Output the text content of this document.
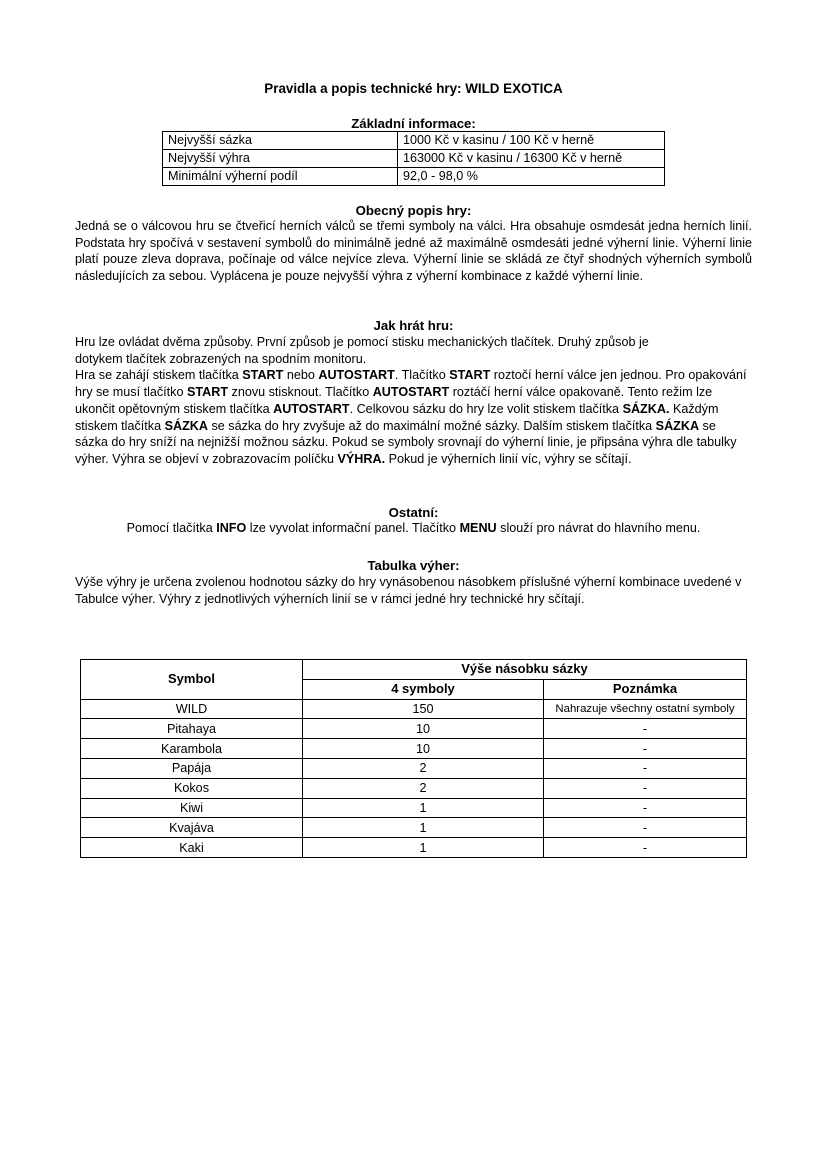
Pravidla a popis technické hry: WILD EXOTICA
Základní informace:
Nejvyšší sázka	1000 Kč v kasinu / 100 Kč v herně
Nejvyšší výhra	163000 Kč v kasinu / 16300 Kč v herně
Minimální výherní podíl	92,0 - 98,0 %
Obecný popis hry:

Jedná se o válcovou hru se čtveřicí herních válců se třemi symboly na válci. Hra obsahuje osmdesát jedna herních linií. Podstata hry spočívá v sestavení symbolů do minimálně jedné až maximálně osmdesáti jedné výherní linie. Výherní linie platí pouze zleva doprava, počínaje od válce nejvíce zleva. Výherní linie se skládá ze čtyř shodných výherních symbolů následujících za sebou. Vyplácena je pouze nejvyšší výhra z výherní kombinace z každé výherní linie.

Jak hrát hru:

Hru lze ovládat dvěma způsoby. První způsob je pomocí stisku mechanických tlačítek. Druhý způsob je

dotykem tlačítek zobrazených na spodním monitoru.

Hra se zahájí stiskem tlačítka START nebo AUTOSTART. Tlačítko START roztočí herní válce jen jednou. Pro opakování hry se musí tlačítko START znovu stisknout. Tlačítko AUTOSTART roztáčí herní válce opakovaně. Tento režim lze ukončit opětovným stiskem tlačítka AUTOSTART. Celkovou sázku do hry lze volit stiskem tlačítka SÁZKA. Každým stiskem tlačítka SÁZKA se sázka do hry zvyšuje až do maximální možné sázky. Dalším stiskem tlačítka SÁZKA se sázka do hry sníží na nejnižší možnou sázku. Pokud se symboly srovnají do výherní linie, je připsána výhra dle tabulky výher. Výhra se objeví v zobrazovacím políčku VÝHRA. Pokud je výherních linií víc, výhry se sčítají.

Ostatní:
Pomocí tlačítka INFO lze vyvolat informační panel. Tlačítko MENU slouží pro návrat do hlavního menu.
Tabulka výher:

Výše výhry je určena zvolenou hodnotou sázky do hry vynásobenou násobkem příslušné výherní kombinace uvedené v Tabulce výher. Výhry z jednotlivých výherních linií se v rámci jedné hry technické hry sčítají.

Symbol	Výše násobku sázky	
	4 symboly	Poznámka
WILD	150	Nahrazuje všechny ostatní symboly
Pitahaya	10	-
Karambola	10	-
Papája	2	-
Kokos	2	-
Kiwi	1	-
Kvajáva	1	-
Kaki	1	-
